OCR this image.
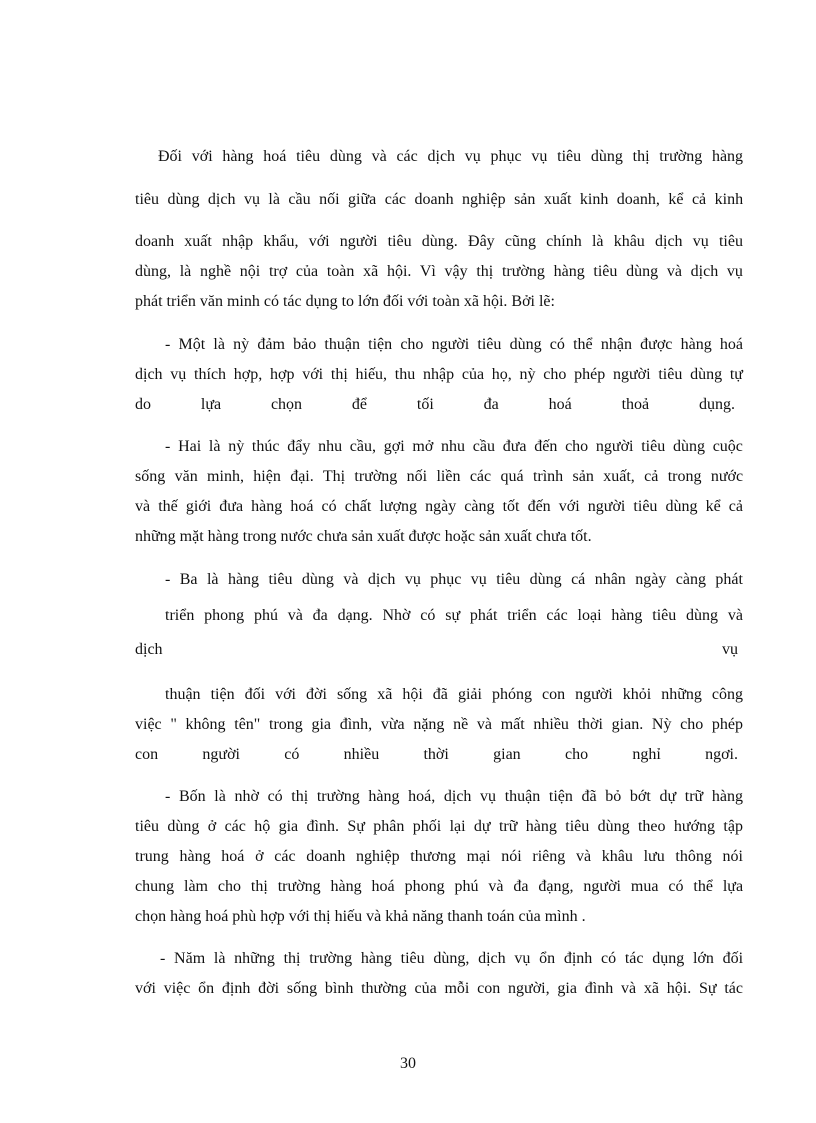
Đối với hàng hoá tiêu dùng và các dịch vụ phục vụ tiêu dùng thị trường hàng
tiêu dùng dịch vụ là cầu nối giữa các doanh nghiệp sản xuất kinh doanh, kể cả kinh
doanh xuất nhập khẩu, với người tiêu dùng. Đây cũng chính là khâu dịch vụ tiêu
dùng, là nghề nội trợ của toàn xã hội. Vì vậy thị trường hàng tiêu dùng và dịch vụ
phát triển văn minh có tác dụng to lớn đối với toàn xã hội. Bởi lẽ:
- Một là nỳ đảm bảo thuận tiện cho người tiêu dùng có thể nhận được hàng hoá
dịch vụ thích hợp, hợp với thị hiếu, thu nhập của họ, nỳ cho phép người tiêu dùng tự
do lựa chọn để tối đa hoá thoả dụng.
- Hai là nỳ thúc đẩy nhu cầu, gợi mở nhu cầu đưa đến cho người tiêu dùng cuộc
sống văn minh, hiện đại. Thị trường nối liền các quá trình sản xuất, cả trong nước
và thế giới đưa hàng hoá có chất lượng ngày càng tốt đến với người tiêu dùng kể cả
những mặt hàng trong nước chưa sản xuất được hoặc sản xuất chưa tốt.
- Ba là hàng tiêu dùng và dịch vụ phục vụ tiêu dùng cá nhân ngày càng phát
triển phong phú và đa dạng. Nhờ có sự phát triển các loại hàng tiêu dùng và
dịch vụ
thuận tiện đối với đời sống xã hội đã giải phóng con người khỏi những công
việc " không tên" trong gia đình, vừa nặng nề và mất nhiều thời gian. Nỳ cho phép
con người có nhiều thời gian cho nghỉ ngơi.
- Bốn là nhờ có thị trường hàng hoá, dịch vụ thuận tiện đã bỏ bớt dự trữ hàng
tiêu dùng ở các hộ gia đình. Sự phân phối lại dự trữ hàng tiêu dùng theo hướng tập
trung hàng hoá ở các doanh nghiệp thương mại nói riêng và khâu lưu thông nói
chung làm cho thị trường hàng hoá phong phú và đa đạng, người mua có thể lựa
chọn hàng hoá phù hợp với thị hiếu và khả năng thanh toán của mình .
- Năm là những thị trường hàng tiêu dùng, dịch vụ ổn định có tác dụng lớn đối
với việc ổn định đời sống bình thường của mỗi con người, gia đình và xã hội. Sự tác
30
